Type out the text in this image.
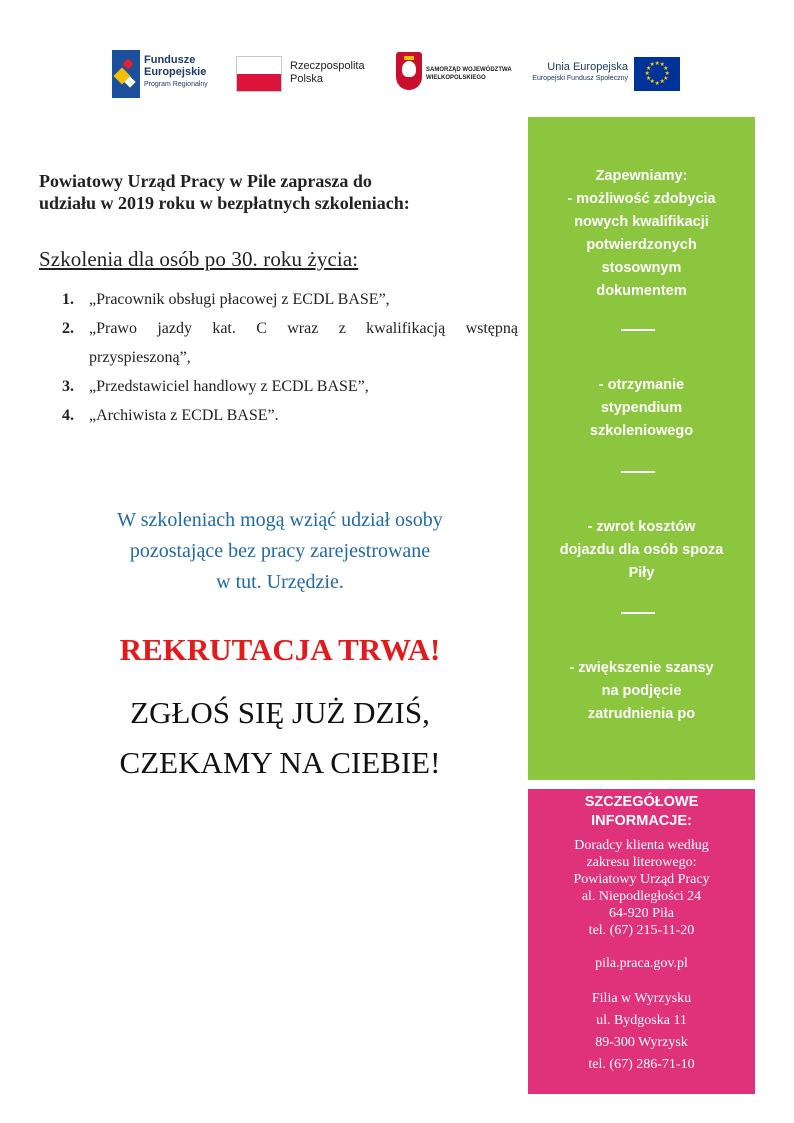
Fundusze
Europejskie
Program Regionalny
Rzeczpospolita
Polska
SAMORZĄD WOJEWÓDZTWA
WIELKOPOLSKIEGO
Unia Europejska
Europejski Fundusz Społeczny
★ ★
★
★
★
★
★
★
★
★
★
★
Powiatowy Urząd Pracy w Pile zaprasza do
udziału w 2019 roku w bezpłatnych szkoleniach:
Szkolenia dla osób po 30. roku życia:
1. „Pracownik obsługi płacowej z ECDL BASE”,
2. „Prawo jazdy kat. C wraz z kwalifikacją wstępną
przyspieszoną”,
3. „Przedstawiciel handlowy z ECDL BASE”,
4. „Archiwista z ECDL BASE”.
W szkoleniach mogą wziąć udział osoby
pozostające bez pracy zarejestrowane
w tut. Urzędzie.
REKRUTACJA TRWA!
ZGŁOŚ SIĘ JUŻ DZIŚ,
CZEKAMY NA CIEBIE!
Zapewniamy:
- możliwość zdobycia
nowych kwalifikacji
potwierdzonych
stosownym
dokumentem
- otrzymanie
stypendium
szkoleniowego
- zwrot kosztów
dojazdu dla osób spoza
Piły
- zwiększenie szansy
na podjęcie
zatrudnienia po
SZCZEGÓŁOWE
INFORMACJE:
Doradcy klienta według
zakresu literowego:
Powiatowy Urząd Pracy
al. Niepodległości 24
64-920 Piła
tel. (67) 215-11-20
pila.praca.gov.pl
Filia w Wyrzysku
ul. Bydgoska 11
89-300 Wyrzysk
tel. (67) 286-71-10
